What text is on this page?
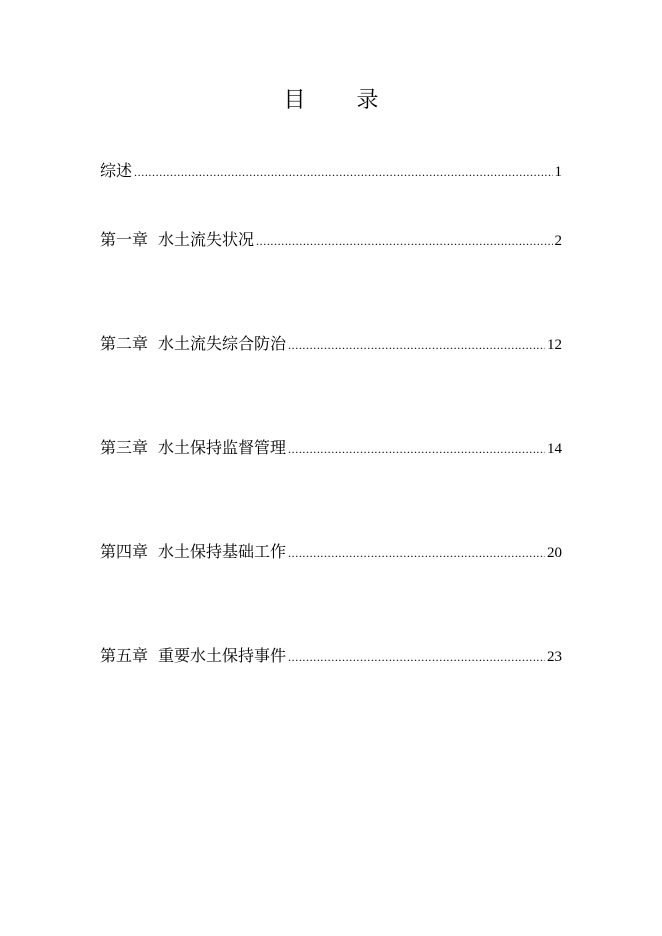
目 录
综述 .....	1
第一章 水土流失状况 .....	2
第二章 水土流失综合防治 .....	12
第三章 水土保持监督管理 .....	14
第四章 水土保持基础工作 .....	20
第五章 重要水土保持事件 .....	23
